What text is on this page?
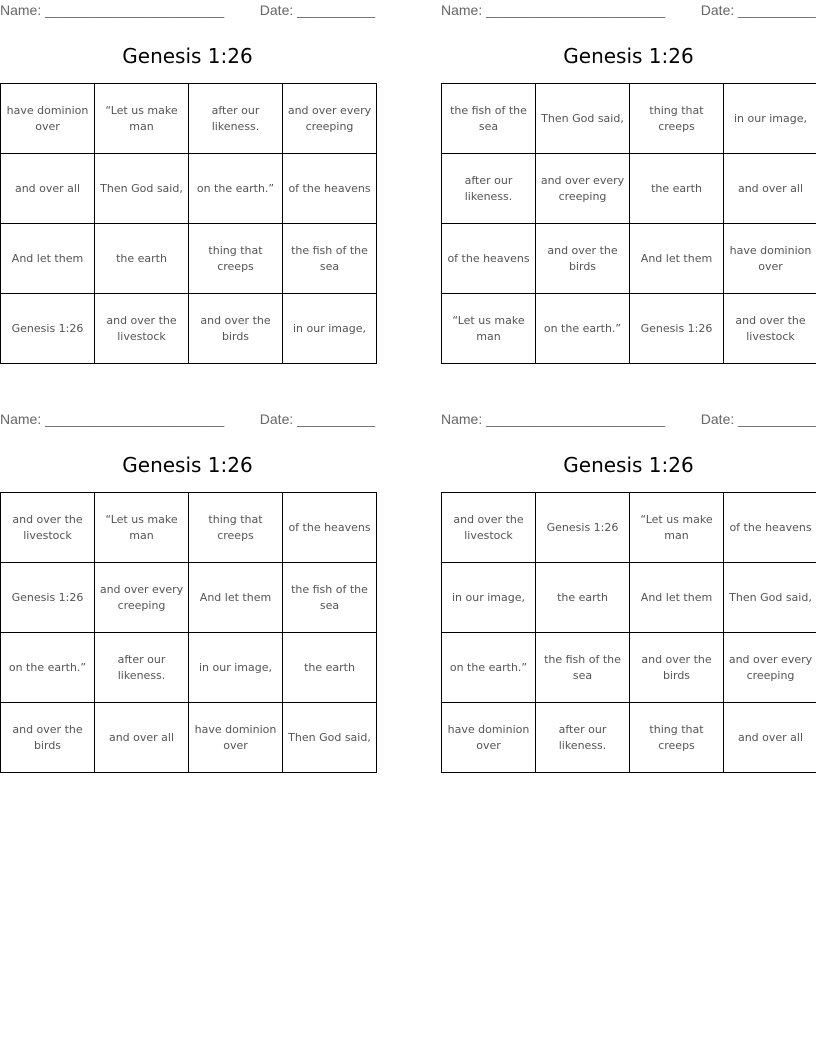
Name: _______________________	Date: __________
Genesis 1:26
have dominion over	“Let us make man	after our likeness.	and over every creeping

and over all	Then God said,	on the earth.”	of the heavens

And let them	the earth	thing that creeps	the fish of the sea

Genesis 1:26	and over the livestock	and over the birds	in our image,
Name: _______________________	Date: __________
Genesis 1:26
the fish of the sea	Then God said,	thing that creeps	in our image,

after our likeness.	and over every creeping	the earth	and over all

of the heavens	and over the birds	And let them	have dominion over

“Let us make man	on the earth.”	Genesis 1:26	and over the livestock
Name: _______________________	Date: __________
Genesis 1:26
and over the livestock	“Let us make man	thing that creeps	of the heavens

Genesis 1:26	and over every creeping	And let them	the fish of the sea

on the earth.”	after our likeness.	in our image,	the earth

and over the birds	and over all	have dominion over	Then God said,
Name: _______________________	Date: __________
Genesis 1:26
and over the livestock	Genesis 1:26	“Let us make man	of the heavens

in our image,	the earth	And let them	Then God said,

on the earth.”	the fish of the sea	and over the birds	and over every creeping

have dominion over	after our likeness.	thing that creeps	and over all
